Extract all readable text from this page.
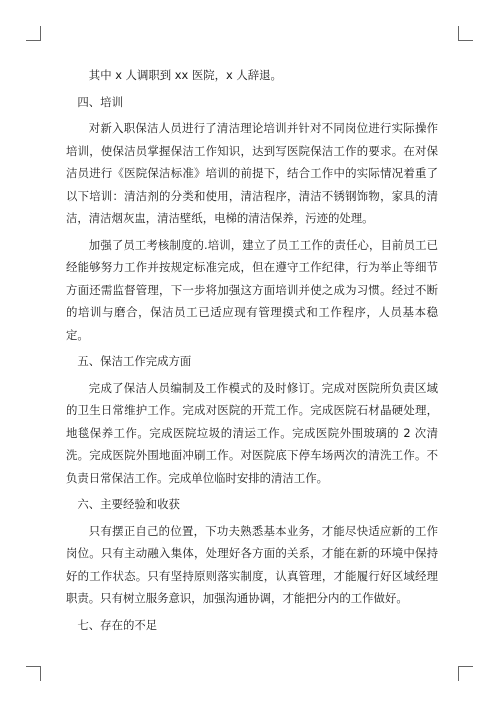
其中 x 人调职到 xx 医院，x 人辞退。

四、培训

对新入职保洁人员进行了清洁理论培训并针对不同岗位进行实际操作培训，使保洁员掌握保洁工作知识，达到写医院保洁工作的要求。在对保洁员进行《医院保洁标准》培训的前提下，结合工作中的实际情况着重了以下培训：清洁剂的分类和使用，清洁程序，清洁不锈钢饰物，家具的清洁，清洁烟灰盅，清洁壁纸，电梯的清洁保养，污迹的处理。

加强了员工考核制度的.培训，建立了员工工作的责任心，目前员工已经能够努力工作并按规定标准完成，但在遵守工作纪律，行为举止等细节方面还需监督管理，下一步将加强这方面培训并使之成为习惯。经过不断的培训与磨合，保洁员工已适应现有管理摸式和工作程序，人员基本稳定。

五、保洁工作完成方面

完成了保洁人员编制及工作模式的及时修订。完成对医院所负责区域的卫生日常维护工作。完成对医院的开荒工作。完成医院石材晶硬处理，地毯保养工作。完成医院垃圾的清运工作。完成医院外围玻璃的 2 次清洗。完成医院外围地面冲刷工作。对医院底下停车场两次的清洗工作。不负责日常保洁工作。完成单位临时安排的清洁工作。

六、主要经验和收获

只有摆正自己的位置，下功夫熟悉基本业务，才能尽快适应新的工作岗位。只有主动融入集体，处理好各方面的关系，才能在新的环境中保持好的工作状态。只有坚持原则落实制度，认真管理，才能履行好区域经理职责。只有树立服务意识，加强沟通协调，才能把分内的工作做好。

七、存在的不足
